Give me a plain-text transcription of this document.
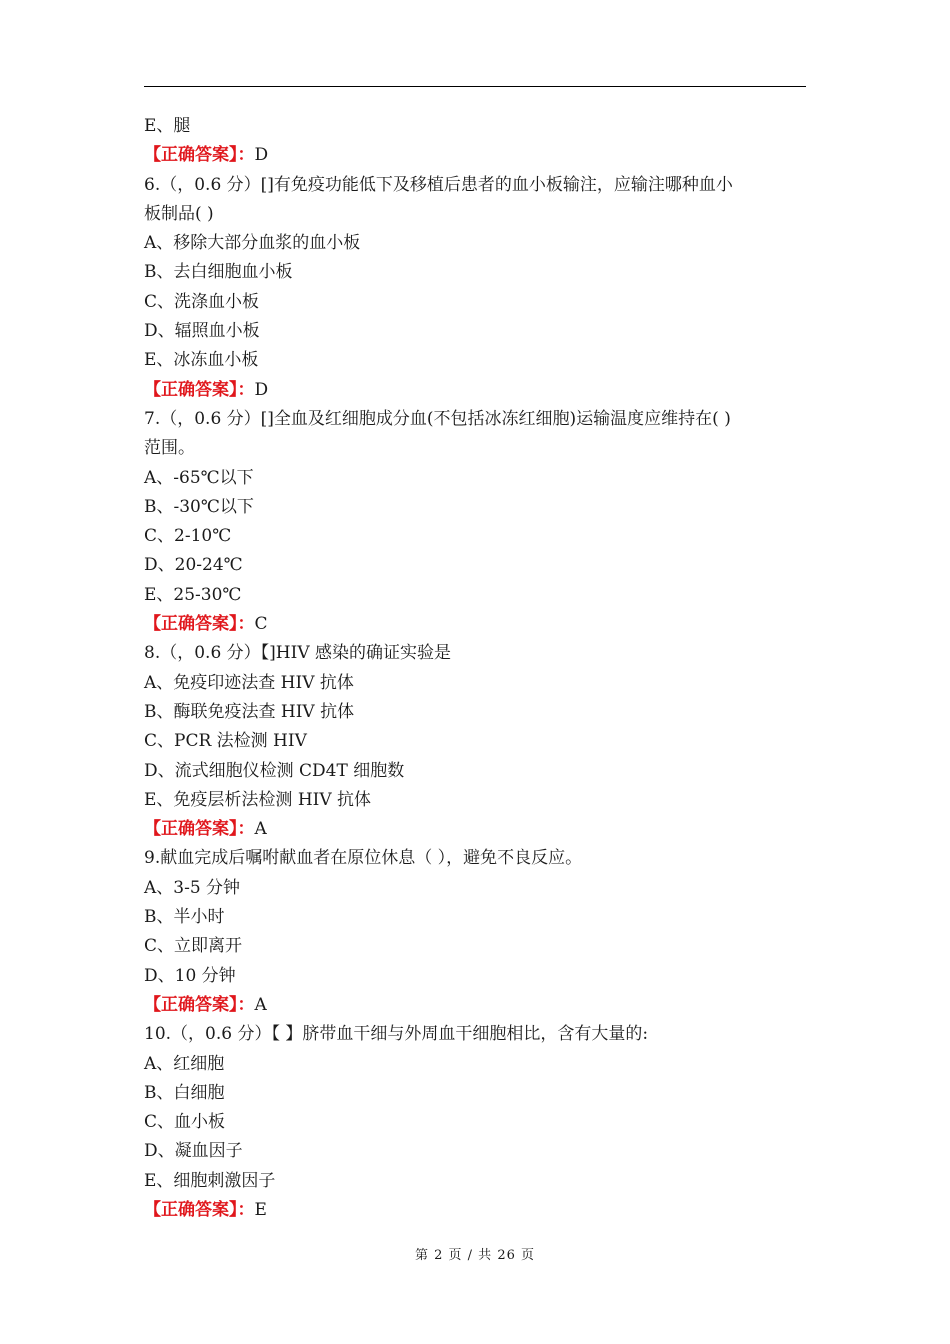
E、腿

【正确答案】：D

6.（，0.6 分）[]有免疫功能低下及移植后患者的血小板输注，应输注哪种血小

板制品( )

A、移除大部分血浆的血小板

B、去白细胞血小板

C、洗涤血小板

D、辐照血小板

E、冰冻血小板

【正确答案】：D

7.（，0.6 分）[]全血及红细胞成分血(不包括冰冻红细胞)运输温度应维持在( )

范围。

A、-65℃以下

B、-30℃以下

C、2-10℃

D、20-24℃

E、25-30℃

【正确答案】：C

8.（，0.6 分）【]HIV 感染的确证实验是

A、免疫印迹法查 HIV 抗体

B、酶联免疫法查 HIV 抗体

C、PCR 法检测 HIV

D、流式细胞仪检测 CD4T 细胞数

E、免疫层析法检测 HIV 抗体

【正确答案】：A

9.献血完成后嘱咐献血者在原位休息（ ），避免不良反应。

A、3-5 分钟

B、半小时

C、立即离开

D、10 分钟

【正确答案】：A

10.（，0.6 分）【 】脐带血干细与外周血干细胞相比，含有大量的:

A、红细胞

B、白细胞

C、血小板

D、凝血因子

E、细胞刺激因子

【正确答案】：E

第 2 页 / 共 26 页
